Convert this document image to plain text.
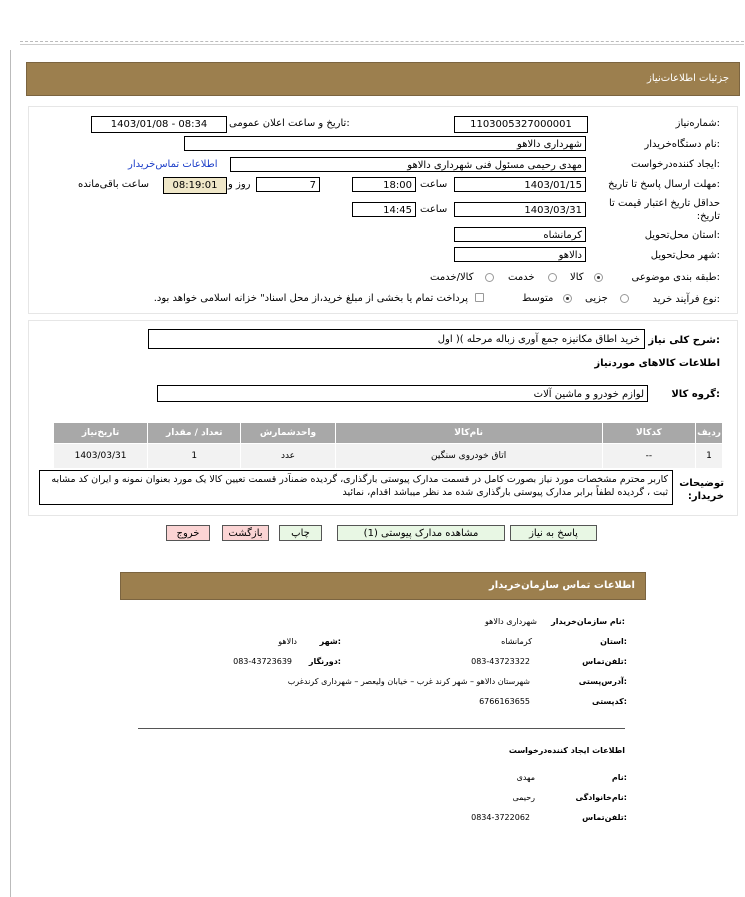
جزئیات اطلاعات‌نیاز
شماره‌نیاز:
1103005327000001
تاریخ و ساعت اعلان عمومی:
1403/01/08 - 08:34
نام دستگاه‌خریدار:
شهرداری دالاهو
ایجاد کننده‌درخواست:
مهدی رحیمی مسئول فنی شهرداری دالاهو
اطلاعات تماس‌خریدار
مهلت ارسال پاسخ تا تاریخ:
1403/01/15
ساعت
18:00
7
روز و
08:19:01
ساعت باقی‌مانده
حداقل تاریخ اعتبار قیمت تا تاریخ:
1403/03/31
ساعت
14:45
استان محل‌تحویل:
کرمانشاه
شهر محل‌تحویل:
دالاهو
طبقه بندی موضوعی:
کالا
خدمت
کالا/خدمت
نوع فرآیند خرید:
جزیی
متوسط
پرداخت تمام یا بخشی از مبلغ خرید،از محل اسناد" خزانه اسلامی خواهد بود.
شرح کلی نیاز:
خرید اطاق مکانیزه جمع آوری زباله مرحله )( اول
اطلاعات کالاهای موردنیاز
گروه کالا:
لوازم خودرو و ماشین آلات
ردیف	کدکالا	نام‌کالا	واحدشمارش	تعداد / مقدار	تاریخ‌نیاز
1	--	اتاق خودروی سنگین	عدد	1	1403/03/31
توضیحات خریدار:
کاربر محترم مشخصات مورد نیاز بصورت کامل در قسمت مدارک پیوستی بارگذاری، گردیده ضمنآدر قسمت تعیین کالا یک مورد بعنوان نمونه و ایران کد مشابه ثبت ، گردیده لطفاً برابر مدارک پیوستی بارگذاری شده مد نظر میباشد اقدام، نمائید
پاسخ به نیاز
مشاهده مدارک پیوستی (1)
چاپ
بازگشت
خروج
اطلاعات تماس سازمان‌خریدار
نام سازمان‌خریدار:
شهرداری دالاهو
استان:
کرمانشاه
شهر:
دالاهو
تلفن‌تماس:
083-43723322
دورنگار:
083-43723639
آدرس‌پستی:
شهرستان دالاهو – شهر کرند غرب – خیابان ولیعصر – شهرداری کرندغرب
کدپستی:
6766163655
اطلاعات ایجاد کننده‌درخواست
نام:
مهدی
نام‌خانوادگی:
رحیمی
تلفن‌تماس:
0834-3722062
